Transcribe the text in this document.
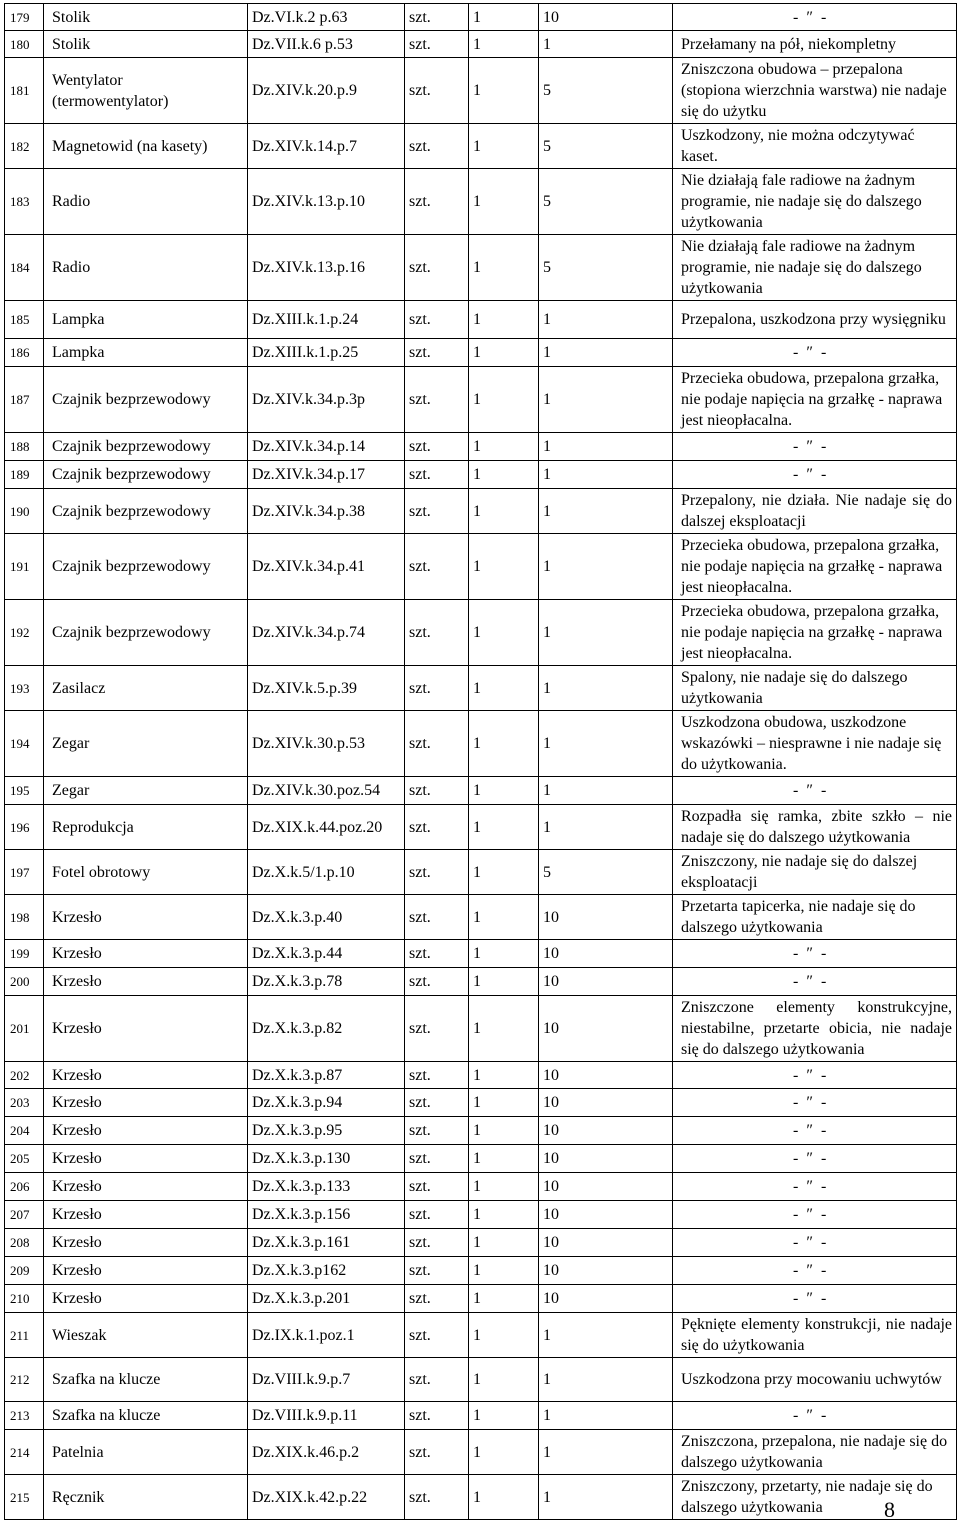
179	Stolik	Dz.VI.k.2 p.63	szt.	1	10	- ″ -
180	Stolik	Dz.VII.k.6 p.53	szt.	1	1	Przełamany na pół, niekompletny
181	Wentylator (termowentylator)	Dz.XIV.k.20.p.9	szt.	1	5	Zniszczona obudowa – przepalona (stopiona wierzchnia warstwa) nie nadaje się do użytku
182	Magnetowid (na kasety)	Dz.XIV.k.14.p.7	szt.	1	5	Uszkodzony, nie można odczytywać kaset.
183	Radio	Dz.XIV.k.13.p.10	szt.	1	5	Nie działają fale radiowe na żadnym programie, nie nadaje się do dalszego użytkowania
184	Radio	Dz.XIV.k.13.p.16	szt.	1	5	Nie działają fale radiowe na żadnym programie, nie nadaje się do dalszego użytkowania
185	Lampka	Dz.XIII.k.1.p.24	szt.	1	1	Przepalona, uszkodzona przy wysięgniku
186	Lampka	Dz.XIII.k.1.p.25	szt.	1	1	- ″ -
187	Czajnik bezprzewodowy	Dz.XIV.k.34.p.3p	szt.	1	1	Przecieka obudowa, przepalona grzałka, nie podaje napięcia na grzałkę - naprawa jest nieopłacalna.
188	Czajnik bezprzewodowy	Dz.XIV.k.34.p.14	szt.	1	1	- ″ -
189	Czajnik bezprzewodowy	Dz.XIV.k.34.p.17	szt.	1	1	- ″ -
190	Czajnik bezprzewodowy	Dz.XIV.k.34.p.38	szt.	1	1	Przepalony, nie działa. Nie nadaje się do dalszej eksploatacji
191	Czajnik bezprzewodowy	Dz.XIV.k.34.p.41	szt.	1	1	Przecieka obudowa, przepalona grzałka, nie podaje napięcia na grzałkę - naprawa jest nieopłacalna.
192	Czajnik bezprzewodowy	Dz.XIV.k.34.p.74	szt.	1	1	Przecieka obudowa, przepalona grzałka, nie podaje napięcia na grzałkę - naprawa jest nieopłacalna.
193	Zasilacz	Dz.XIV.k.5.p.39	szt.	1	1	Spalony, nie nadaje się do dalszego użytkowania
194	Zegar	Dz.XIV.k.30.p.53	szt.	1	1	Uszkodzona obudowa, uszkodzone wskazówki – niesprawne i nie nadaje się do użytkowania.
195	Zegar	Dz.XIV.k.30.poz.54	szt.	1	1	- ″ -
196	Reprodukcja	Dz.XIX.k.44.poz.20	szt.	1	1	Rozpadła się ramka, zbite szkło – nie nadaje się do dalszego użytkowania
197	Fotel obrotowy	Dz.X.k.5/1.p.10	szt.	1	5	Zniszczony, nie nadaje się do dalszej eksploatacji
198	Krzesło	Dz.X.k.3.p.40	szt.	1	10	Przetarta tapicerka, nie nadaje się do dalszego użytkowania
199	Krzesło	Dz.X.k.3.p.44	szt.	1	10	- ″ -
200	Krzesło	Dz.X.k.3.p.78	szt.	1	10	- ″ -
201	Krzesło	Dz.X.k.3.p.82	szt.	1	10	Zniszczone elementy konstrukcyjne, niestabilne, przetarte obicia, nie nadaje się do dalszego użytkowania
202	Krzesło	Dz.X.k.3.p.87	szt.	1	10	- ″ -
203	Krzesło	Dz.X.k.3.p.94	szt.	1	10	- ″ -
204	Krzesło	Dz.X.k.3.p.95	szt.	1	10	- ″ -
205	Krzesło	Dz.X.k.3.p.130	szt.	1	10	- ″ -
206	Krzesło	Dz.X.k.3.p.133	szt.	1	10	- ″ -
207	Krzesło	Dz.X.k.3.p.156	szt.	1	10	- ″ -
208	Krzesło	Dz.X.k.3.p.161	szt.	1	10	- ″ -
209	Krzesło	Dz.X.k.3.p162	szt.	1	10	- ″ -
210	Krzesło	Dz.X.k.3.p.201	szt.	1	10	- ″ -
211	Wieszak	Dz.IX.k.1.poz.1	szt.	1	1	Pęknięte elementy konstrukcji, nie nadaje się do użytkowania
212	Szafka na klucze	Dz.VIII.k.9.p.7	szt.	1	1	Uszkodzona przy mocowaniu uchwytów
213	Szafka na klucze	Dz.VIII.k.9.p.11	szt.	1	1	- ″ -
214	Patelnia	Dz.XIX.k.46.p.2	szt.	1	1	Zniszczona, przepalona, nie nadaje się do dalszego użytkowania
215	Ręcznik	Dz.XIX.k.42.p.22	szt.	1	1	Zniszczony, przetarty, nie nadaje się do dalszego użytkowania	8
